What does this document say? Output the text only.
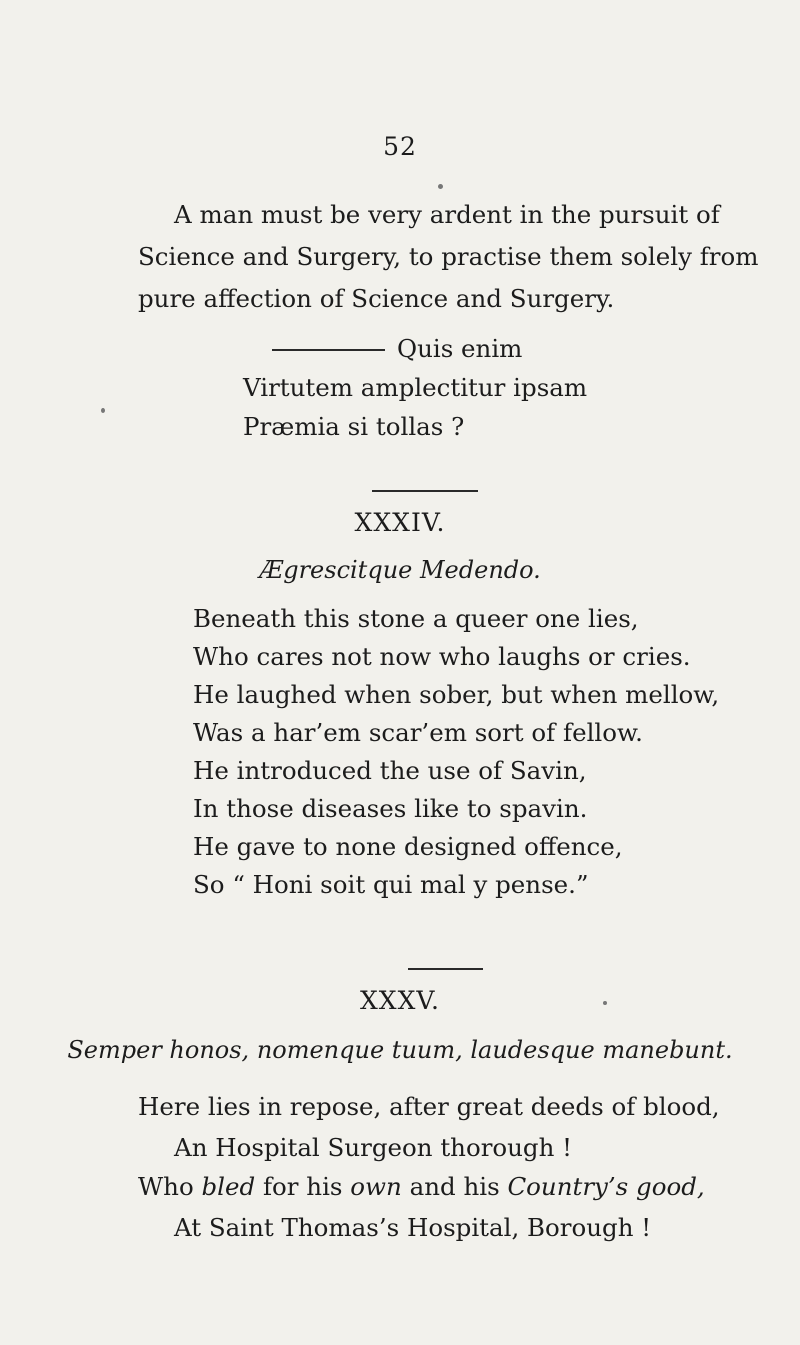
52
A man must be very ardent in the pursuit of
Science and Surgery, to practise them solely from
pure affection of Science and Surgery.
Quis enim
Virtutem amplectitur ipsam
Præmia si tollas ?
XXXIV.
Ægrescitque Medendo.
Beneath this stone a queer one lies,
Who cares not now who laughs or cries.
He laughed when sober, but when mellow,
Was a har’em scar’em sort of fellow.
He introduced the use of Savin,
In those diseases like to spavin.
He gave to none designed offence,
So “ Honi soit qui mal y pense.”
XXXV.
Semper honos, nomenque tuum, laudesque manebunt.
Here lies in repose, after great deeds of blood,
An Hospital Surgeon thorough !
Who bled for his own and his Country’s good,
At Saint Thomas’s Hospital, Borough !
